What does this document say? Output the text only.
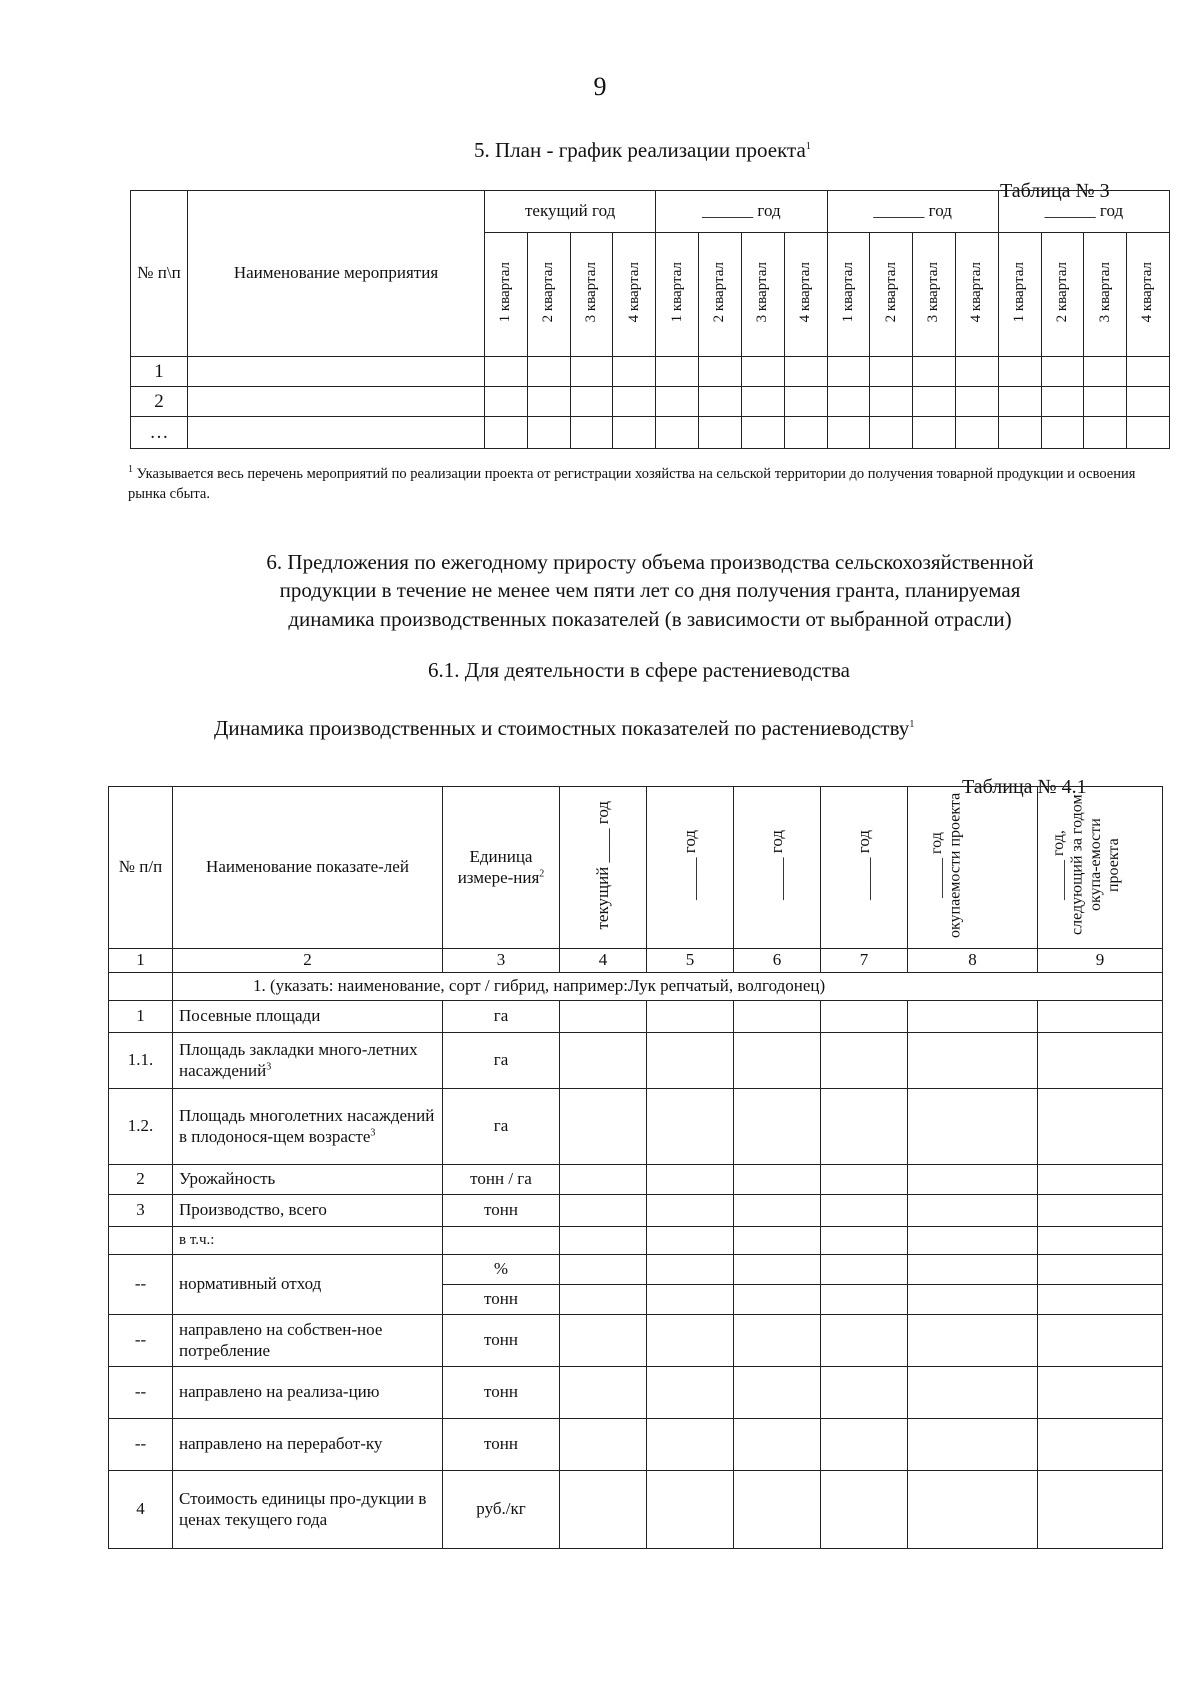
9
5. План - график реализации проекта$^1$
Таблица № 3
№ п\п	Наименование мероприятия	текущий год				______ год				______ год				______ год			
		1 квартал	2 квартал	3 квартал	4 квартал	1 квартал	2 квартал	3 квартал	4 квартал	1 квартал	2 квартал	3 квартал	4 квартал	1 квартал	2 квартал	3 квартал	4 квартал
1																	
2																	
…																	
$^1$ Указывается весь перечень мероприятий по реализации проекта от регистрации хозяйства на сельской территории до получения товарной продукции и освоения рынка сбыта.
6. Предложения по ежегодному приросту объема производства сельскохозяйственной
продукции в течение не менее чем пяти лет со дня получения гранта, планируемая
динамика производственных показателей (в зависимости от выбранной отрасли)
6.1. Для деятельности в сфере растениеводства
Динамика производственных и стоимостных показателей по растениеводству$^1$
Таблица № 4.1
№ п/п	Наименование показате-лей	Единица измере-ния$^2$	текущий ____ год	_____ год	_____ год	_____ год	_____ год окупаемости проекта	_____ год, следующий за годом окупа-емости проекта
1	2	3	4	5	6	7	8	9
	1. (указать: наименование, сорт / гибрид, например:Лук репчатый, волгодонец)							
1	Посевные площади	га						
1.1.	Площадь закладки много-летних насаждений$^3$	га						
1.2.	Площадь многолетних насаждений в плодонося-щем возрасте$^3$	га						
2	Урожайность	тонн / га						
3	Производство, всего	тонн						
	в т.ч.:							
--	нормативный отход	%						
		тонн						
--	направлено на собствен-ное потребление	тонн						
--	направлено на реализа-цию	тонн						
--	направлено на переработ-ку	тонн						
4	Стоимость единицы про-дукции в ценах текущего года	руб./кг						
